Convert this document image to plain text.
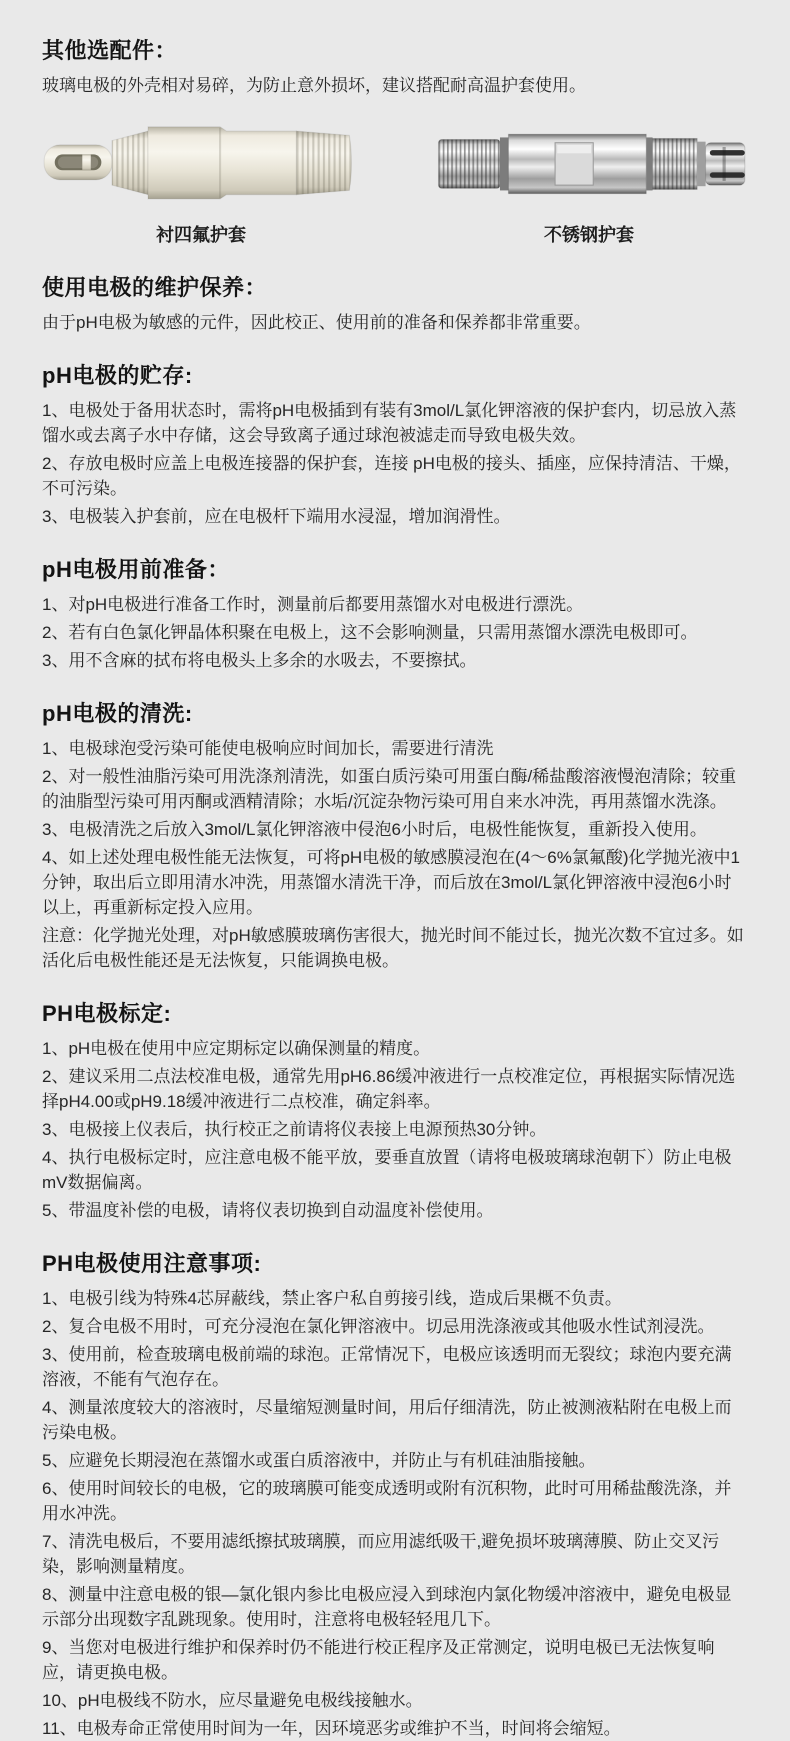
其他选配件：

玻璃电极的外壳相对易碎，为防止意外损坏，建议搭配耐高温护套使用。

衬四氟护套	不锈钢护套
使用电极的维护保养：

由于pH电极为敏感的元件，因此校正、使用前的准备和保养都非常重要。

pH电极的贮存:

1、电极处于备用状态时，需将pH电极插到有装有3mol/L氯化钾溶液的保护套内，切忌放入蒸馏水或去离子水中存储，这会导致离子通过球泡被滤走而导致电极失效。

2、存放电极时应盖上电极连接器的保护套，连接 pH电极的接头、插座，应保持清洁、干燥，不可污染。

3、电极装入护套前，应在电极杆下端用水浸湿，增加润滑性。

pH电极用前准备：

1、对pH电极进行准备工作时，测量前后都要用蒸馏水对电极进行漂洗。

2、若有白色氯化钾晶体积聚在电极上，这不会影响测量，只需用蒸馏水漂洗电极即可。

3、用不含麻的拭布将电极头上多余的水吸去，不要擦拭。

pH电极的清洗:

1、电极球泡受污染可能使电极响应时间加长，需要进行清洗

2、对一般性油脂污染可用洗涤剂清洗，如蛋白质污染可用蛋白酶/稀盐酸溶液慢泡清除；较重的油脂型污染可用丙酮或酒精清除；水垢/沉淀杂物污染可用自来水冲洗，再用蒸馏水洗涤。

3、电极清洗之后放入3mol/L氯化钾溶液中侵泡6小时后，电极性能恢复，重新投入使用。

4、如上述处理电极性能无法恢复，可将pH电极的敏感膜浸泡在(4～6%氯氟酸)化学抛光液中1分钟，取出后立即用清水冲洗，用蒸馏水清洗干净，而后放在3mol/L氯化钾溶液中浸泡6小时以上，再重新标定投入应用。

注意：化学抛光处理，对pH敏感膜玻璃伤害很大，抛光时间不能过长，抛光次数不宜过多。如活化后电极性能还是无法恢复，只能调换电极。

PH电极标定:

1、pH电极在使用中应定期标定以确保测量的精度。

2、建议采用二点法校准电极，通常先用pH6.86缓冲液进行一点校准定位，再根据实际情况选择pH4.00或pH9.18缓冲液进行二点校准，确定斜率。

3、电极接上仪表后，执行校正之前请将仪表接上电源预热30分钟。

4、执行电极标定时，应注意电极不能平放，要垂直放置（请将电极玻璃球泡朝下）防止电极mV数据偏离。

5、带温度补偿的电极，请将仪表切换到自动温度补偿使用。

PH电极使用注意事项:

1、电极引线为特殊4芯屏蔽线，禁止客户私自剪接引线，造成后果概不负责。

2、复合电极不用时，可充分浸泡在氯化钾溶液中。切忌用洗涤液或其他吸水性试剂浸洗。

3、使用前，检查玻璃电极前端的球泡。正常情况下，电极应该透明而无裂纹；球泡内要充满溶液，不能有气泡存在。

4、测量浓度较大的溶液时，尽量缩短测量时间，用后仔细清洗，防止被测液粘附在电极上而污染电极。

5、应避免长期浸泡在蒸馏水或蛋白质溶液中，并防止与有机硅油脂接触。

6、使用时间较长的电极，它的玻璃膜可能变成透明或附有沉积物，此时可用稀盐酸洗涤，并用水冲洗。

7、清洗电极后，不要用滤纸擦拭玻璃膜，而应用滤纸吸干,避免损坏玻璃薄膜、防止交叉污染，影响测量精度。

8、测量中注意电极的银—氯化银内参比电极应浸入到球泡内氯化物缓冲溶液中，避免电极显示部分出现数字乱跳现象。使用时，注意将电极轻轻甩几下。

9、当您对电极进行维护和保养时仍不能进行校正程序及正常测定，说明电极已无法恢复响应，请更换电极。

10、pH电极线不防水，应尽量避免电极线接触水。

11、电极寿命正常使用时间为一年，因环境恶劣或维护不当，时间将会缩短。
